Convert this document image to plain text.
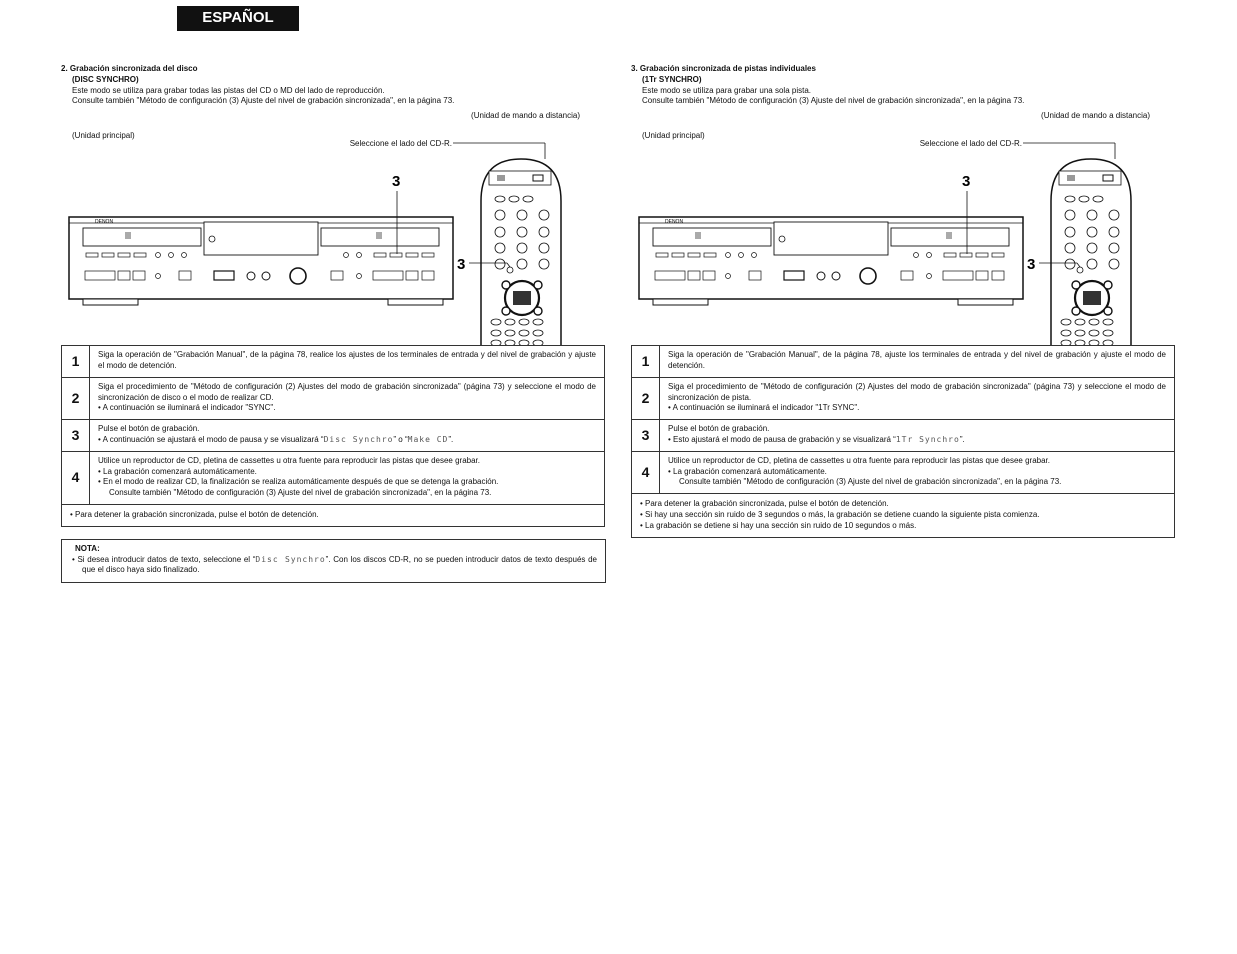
ESPAÑOL
2. Grabación sincronizada del disco
(DISC SYNCHRO)
Este modo se utiliza para grabar todas las pistas del CD o MD del lado de reproducción.
Consulte también "Método de configuración (3) Ajuste del nivel de grabación sincronizada", en la página 73.
(Unidad de mando a distancia)
(Unidad principal)
Seleccione el lado del CD-R.
DENON
3
3
1	Siga la operación de "Grabación Manual", de la página 78, realice los ajustes de los terminales de entrada y del nivel de grabación y ajuste el modo de detención.
2	Siga el procedimiento de "Método de configuración (2) Ajustes del modo de grabación sincronizada" (página 73) y seleccione el modo de sincronización de disco o el modo de realizar CD.
• A continuación se iluminará el indicador "SYNC".

3	Pulse el botón de grabación.
• A continuación se ajustará el modo de pausa y se visualizará “Disc Synchro” o “Make CD”.

4	Utilice un reproductor de CD, pletina de cassettes u otra fuente para reproducir las pistas que desee grabar.
• La grabación comenzará automáticamente.
• En el modo de realizar CD, la finalización se realiza automáticamente después de que se detenga la grabación.
Consulte también "Método de configuración (3) Ajuste del nivel de grabación sincronizada", en la página 73.

• Para detener la grabación sincronizada, pulse el botón de detención.	
NOTA:
• Si desea introducir datos de texto, seleccione el “Disc Synchro”. Con los discos CD-R, no se pueden introducir datos de texto después de que el disco haya sido finalizado.
3. Grabación sincronizada de pistas individuales
(1Tr SYNCHRO)
Este modo se utiliza para grabar una sola pista.
Consulte también "Método de configuración (3) Ajuste del nivel de grabación sincronizada", en la página 73.
(Unidad de mando a distancia)
(Unidad principal)
Seleccione el lado del CD-R.
DENON
3
3
1	Siga la operación de "Grabación Manual", de la página 78, ajuste los terminales de entrada y del nivel de grabación y ajuste el modo de detención.
2	Siga el procedimiento de "Método de configuración (2) Ajustes del modo de grabación sincronizada" (página 73) y seleccione el modo de sincronización de pista.
• A continuación se iluminará el indicador "1Tr SYNC".

3	Pulse el botón de grabación.
• Esto ajustará el modo de pausa de grabación y se visualizará “1Tr Synchro”.

4	Utilice un reproductor de CD, pletina de cassettes u otra fuente para reproducir las pistas que desee grabar.
• La grabación comenzará automáticamente.
Consulte también "Método de configuración (3) Ajuste del nivel de grabación sincronizada", en la página 73.

• Para detener la grabación sincronizada, pulse el botón de detención.
• Si hay una sección sin ruido de 3 segundos o más, la grabación se detiene cuando la siguiente pista comienza.
• La grabación se detiene si hay una sección sin ruido de 10 segundos o más.	
